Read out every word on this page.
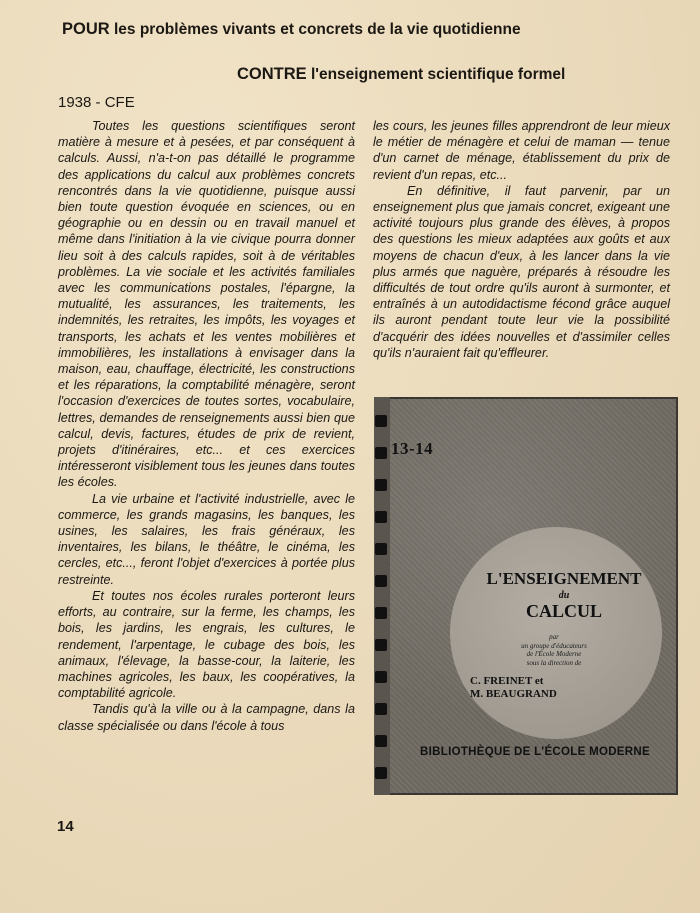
POUR les problèmes vivants et concrets de la vie quotidienne
CONTRE l'enseignement scientifique formel
1938 - CFE

Toutes les questions scientifiques seront matière à mesure et à pesées, et par conséquent à calculs. Aussi, n'a-t-on pas détaillé le programme des applications du calcul aux problèmes concrets rencontrés dans la vie quotidienne, puisque aussi bien toute question évoquée en sciences, ou en géographie ou en dessin ou en travail manuel et même dans l'initiation à la vie civique pourra donner lieu soit à des calculs rapides, soit à de véritables problèmes. La vie sociale et les activités familiales avec les communications postales, l'épargne, la mutualité, les assurances, les traitements, les indemnités, les retraites, les impôts, les voyages et transports, les achats et les ventes mobilières et immobilières, les installations à envisager dans la maison, eau, chauffage, électricité, les constructions et les réparations, la comptabilité ménagère, seront l'occasion d'exercices de toutes sortes, vocabulaire, lettres, demandes de renseignements aussi bien que calcul, devis, factures, études de prix de revient, projets d'itinéraires, etc... et ces exercices intéresseront visiblement tous les jeunes dans toutes les écoles.

La vie urbaine et l'activité industrielle, avec le commerce, les grands magasins, les banques, les usines, les salaires, les frais généraux, les inventaires, les bilans, le théâtre, le cinéma, les cercles, etc..., feront l'objet d'exercices à portée plus restreinte.

Et toutes nos écoles rurales porteront leurs efforts, au contraire, sur la ferme, les champs, les bois, les jardins, les engrais, les cultures, le rendement, l'arpentage, le cubage des bois, les animaux, l'élevage, la basse-cour, la laiterie, les machines agricoles, les baux, les coopératives, la comptabilité agricole.

Tandis qu'à la ville ou à la campagne, dans la classe spécialisée ou dans l'école à tous

les cours, les jeunes filles apprendront de leur mieux le métier de ménagère et celui de maman — tenue d'un carnet de ménage, établissement du prix de revient d'un repas, etc...

En définitive, il faut parvenir, par un enseignement plus que jamais concret, exigeant une activité toujours plus grande des élèves, à propos des questions les mieux adaptées aux goûts et aux moyens de chacun d'eux, à les lancer dans la vie plus armés que naguère, préparés à résoudre les difficultés de tout ordre qu'ils auront à surmonter, et entraînés à un autodidactisme fécond grâce auquel ils auront pendant toute leur vie la possibilité d'acquérir des idées nouvelles et d'assimiler celles qu'ils n'auraient fait qu'effleurer.

13-14
L'ENSEIGNEMENT
du
CALCUL
par
un groupe d'éducateurs
de l'École Moderne
sous la direction de
C. FREINET et
M. BEAUGRAND
BIBLIOTHÈQUE DE L'ÉCOLE MODERNE
14
